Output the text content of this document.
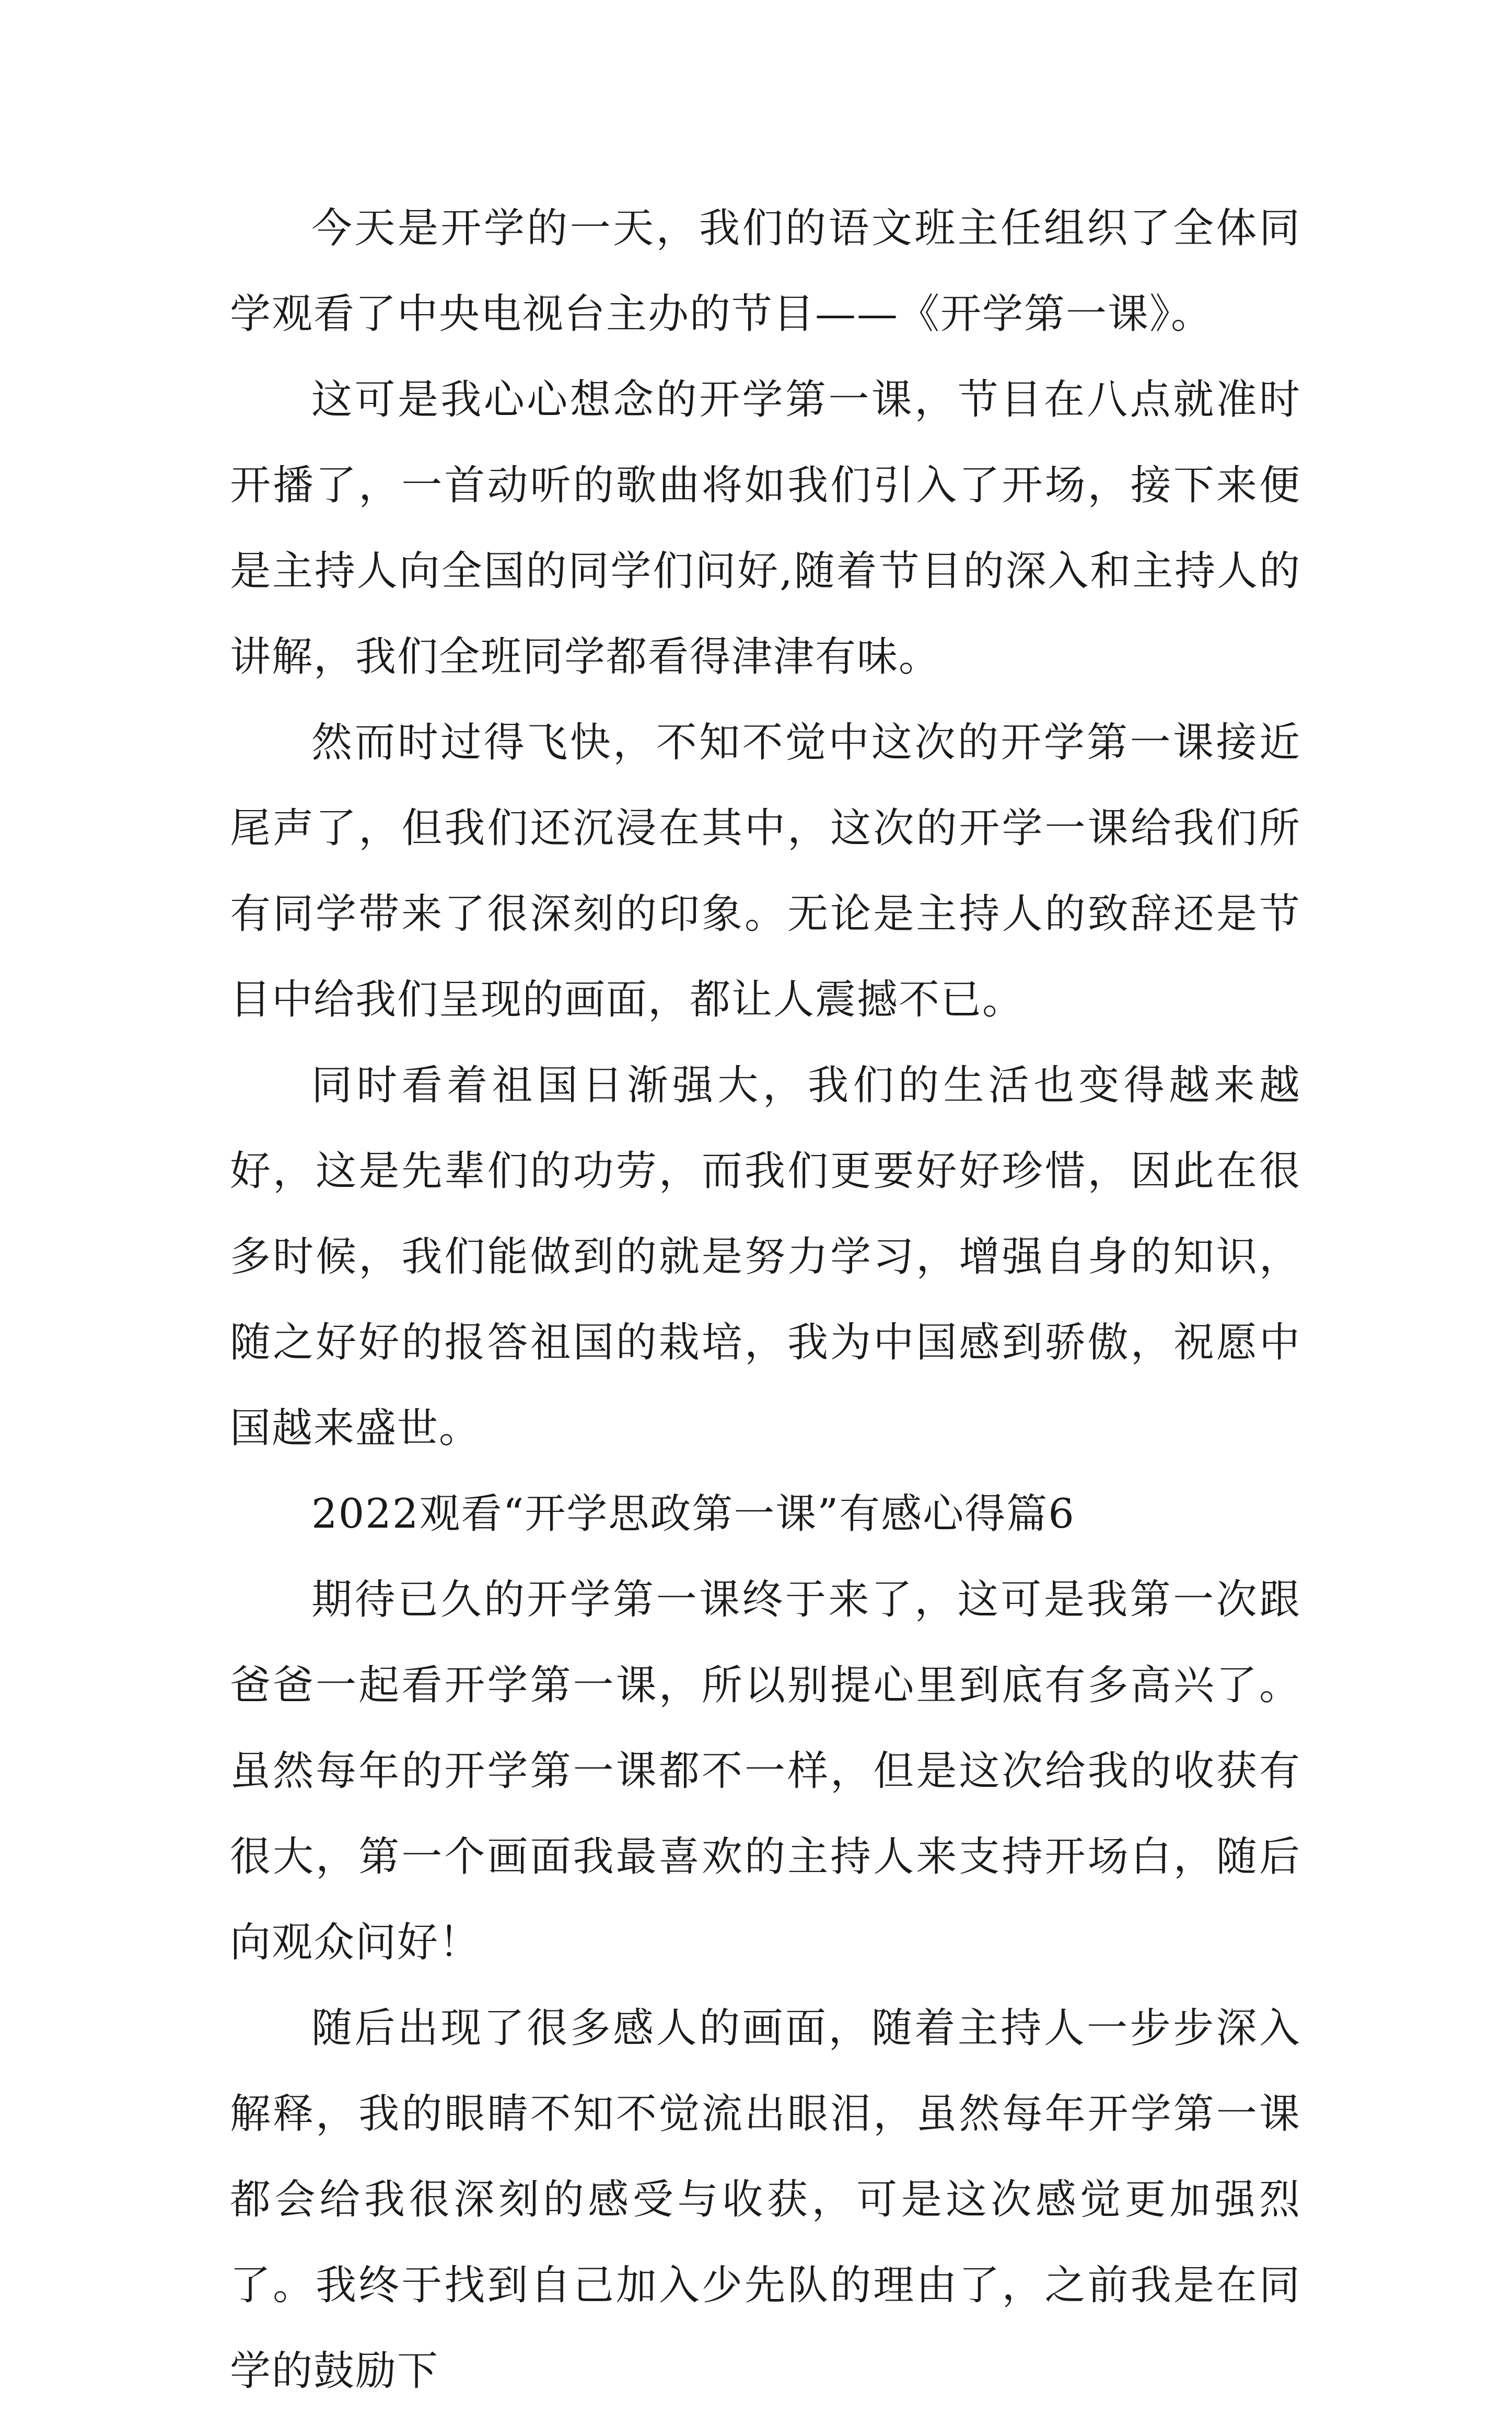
今天是开学的一天，我们的语文班主任组织了全体同学观看了中央电视台主办的节目——《开学第一课》。

这可是我心心想念的开学第一课，节目在八点就准时开播了，一首动听的歌曲将如我们引入了开场，接下来便是主持人向全国的同学们问好,随着节目的深入和主持人的讲解，我们全班同学都看得津津有味。

然而时过得飞快，不知不觉中这次的开学第一课接近尾声了，但我们还沉浸在其中，这次的开学一课给我们所有同学带来了很深刻的印象。无论是主持人的致辞还是节目中给我们呈现的画面，都让人震撼不已。

同时看着祖国日渐强大，我们的生活也变得越来越好，这是先辈们的功劳，而我们更要好好珍惜，因此在很多时候，我们能做到的就是努力学习，增强自身的知识，随之好好的报答祖国的栽培，我为中国感到骄傲，祝愿中国越来盛世。

2022观看“开学思政第一课”有感心得篇6

期待已久的开学第一课终于来了，这可是我第一次跟爸爸一起看开学第一课，所以别提心里到底有多高兴了。虽然每年的开学第一课都不一样，但是这次给我的收获有很大，第一个画面我最喜欢的主持人来支持开场白，随后向观众问好！

随后出现了很多感人的画面，随着主持人一步步深入解释，我的眼睛不知不觉流出眼泪，虽然每年开学第一课都会给我很深刻的感受与收获，可是这次感觉更加强烈了。我终于找到自己加入少先队的理由了，之前我是在同学的鼓励下
